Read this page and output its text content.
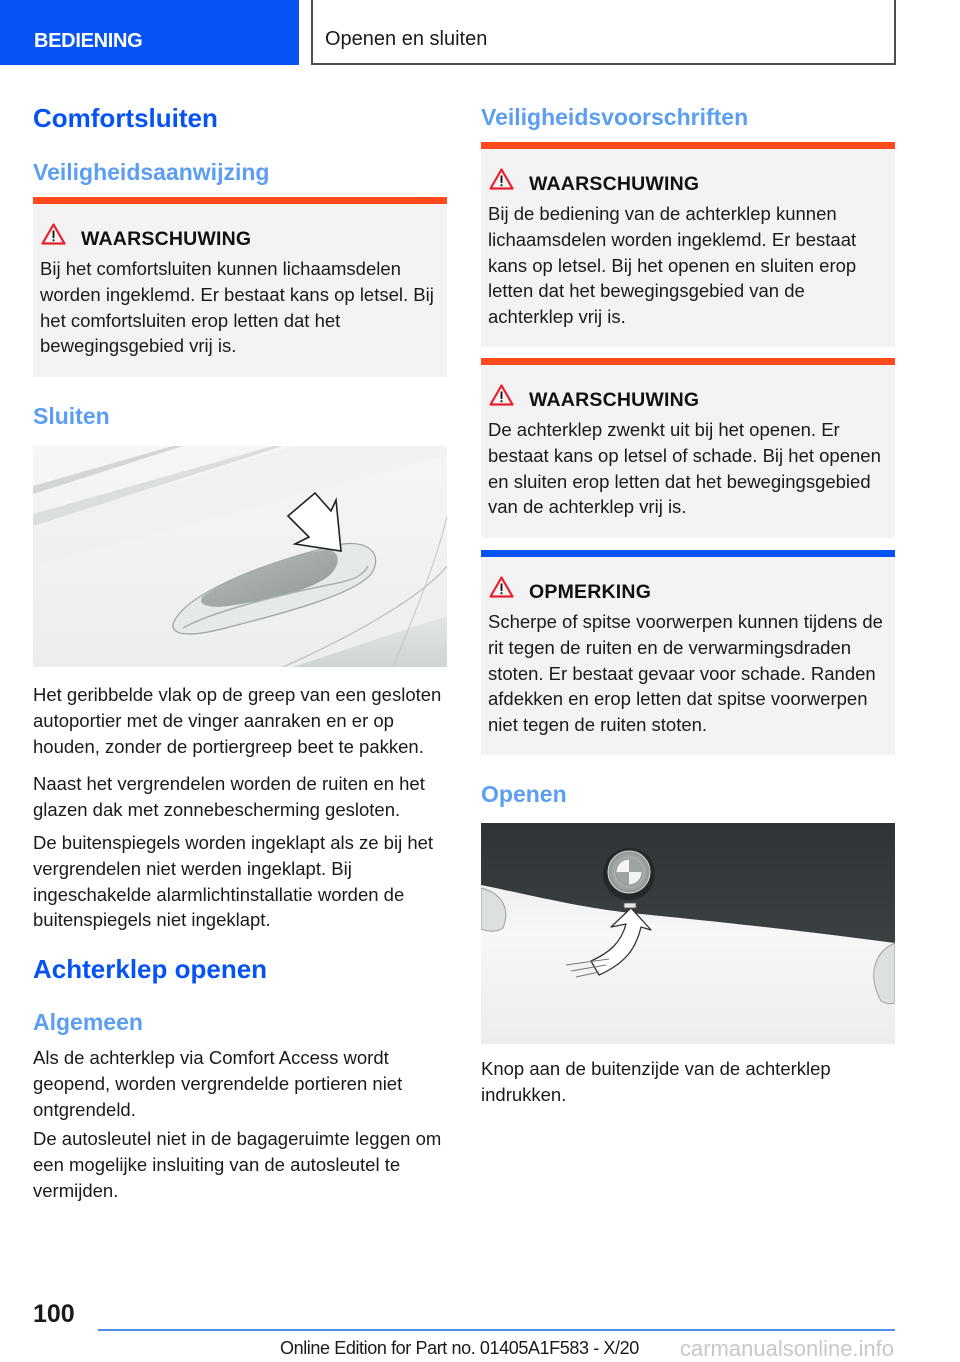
BEDIENING	Openen en sluiten
Comfortsluiten
Veiligheidsaanwijzing
WAARSCHUWING
Bij het comfortsluiten kunnen lichaamsdelen worden ingeklemd. Er bestaat kans op letsel. Bij het comfortsluiten erop letten dat het bewegingsgebied vrij is.
Sluiten
Het geribbelde vlak op de greep van een gesloten autoportier met de vinger aanraken en er op houden, zonder de portiergreep beet te pakken.
Naast het vergrendelen worden de ruiten en het glazen dak met zonnebescherming gesloten.
De buitenspiegels worden ingeklapt als ze bij het vergrendelen niet werden ingeklapt. Bij ingeschakelde alarmlichtinstallatie worden de buitenspiegels niet ingeklapt.
Achterklep openen
Algemeen
Als de achterklep via Comfort Access wordt geopend, worden vergrendelde portieren niet ontgrendeld.
De autosleutel niet in de bagageruimte leggen om een mogelijke insluiting van de autosleutel te vermijden.
Veiligheidsvoorschriften
WAARSCHUWING
Bij de bediening van de achterklep kunnen lichaamsdelen worden ingeklemd. Er bestaat kans op letsel. Bij het openen en sluiten erop letten dat het bewegingsgebied van de achterklep vrij is.
WAARSCHUWING
De achterklep zwenkt uit bij het openen. Er bestaat kans op letsel of schade. Bij het openen en sluiten erop letten dat het bewegingsgebied van de achterklep vrij is.
OPMERKING
Scherpe of spitse voorwerpen kunnen tijdens de rit tegen de ruiten en de verwarmingsdraden stoten. Er bestaat gevaar voor schade. Randen afdekken en erop letten dat spitse voorwerpen niet tegen de ruiten stoten.
Openen
Knop aan de buitenzijde van de achterklep indrukken.
100
Online Edition for Part no. 01405A1F583 - X/20 carmanualsonline.info
